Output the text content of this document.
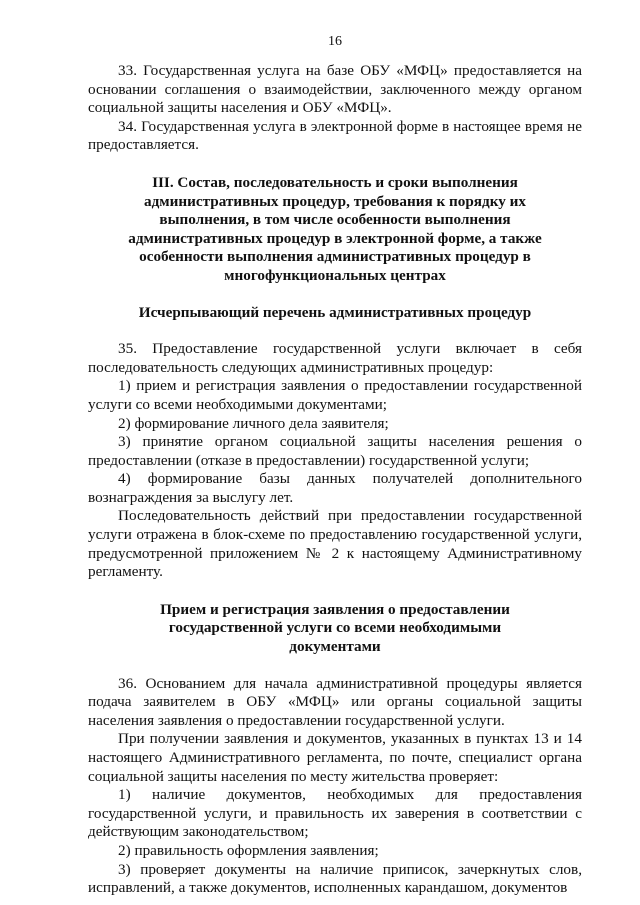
16

33. Государственная услуга на базе ОБУ «МФЦ» предоставляется на основании соглашения о взаимодействии, заключенного между органом социальной защиты населения и ОБУ «МФЦ».

34. Государственная услуга в электронной форме в настоящее время не предоставляется.

III. Состав, последовательность и сроки выполнения административных процедур, требования к порядку их выполнения, в том числе особенности выполнения административных процедур в электронной форме, а также особенности выполнения административных процедур в многофункциональных центрах
Исчерпывающий перечень административных процедур

35. Предоставление государственной услуги включает в себя последовательность следующих административных процедур:

1) прием и регистрация заявления о предоставлении государственной услуги со всеми необходимыми документами;

2) формирование личного дела заявителя;

3) принятие органом социальной защиты населения решения о предоставлении (отказе в предоставлении) государственной услуги;

4) формирование базы данных получателей дополнительного вознаграждения за выслугу лет.

Последовательность действий при предоставлении государственной услуги отражена в блок-схеме по предоставлению государственной услуги, предусмотренной приложением № 2 к настоящему Административному регламенту.

Прием и регистрация заявления о предоставлении государственной услуги со всеми необходимыми документами

36. Основанием для начала административной процедуры является подача заявителем в ОБУ «МФЦ» или органы социальной защиты населения заявления о предоставлении государственной услуги.

При получении заявления и документов, указанных в пунктах 13 и 14 настоящего Административного регламента, по почте, специалист органа социальной защиты населения по месту жительства проверяет:

1) наличие документов, необходимых для предоставления государственной услуги, и правильность их заверения в соответствии с действующим законодательством;

2) правильность оформления заявления;

3) проверяет документы на наличие приписок, зачеркнутых слов, исправлений, а также документов, исполненных карандашом, документов
